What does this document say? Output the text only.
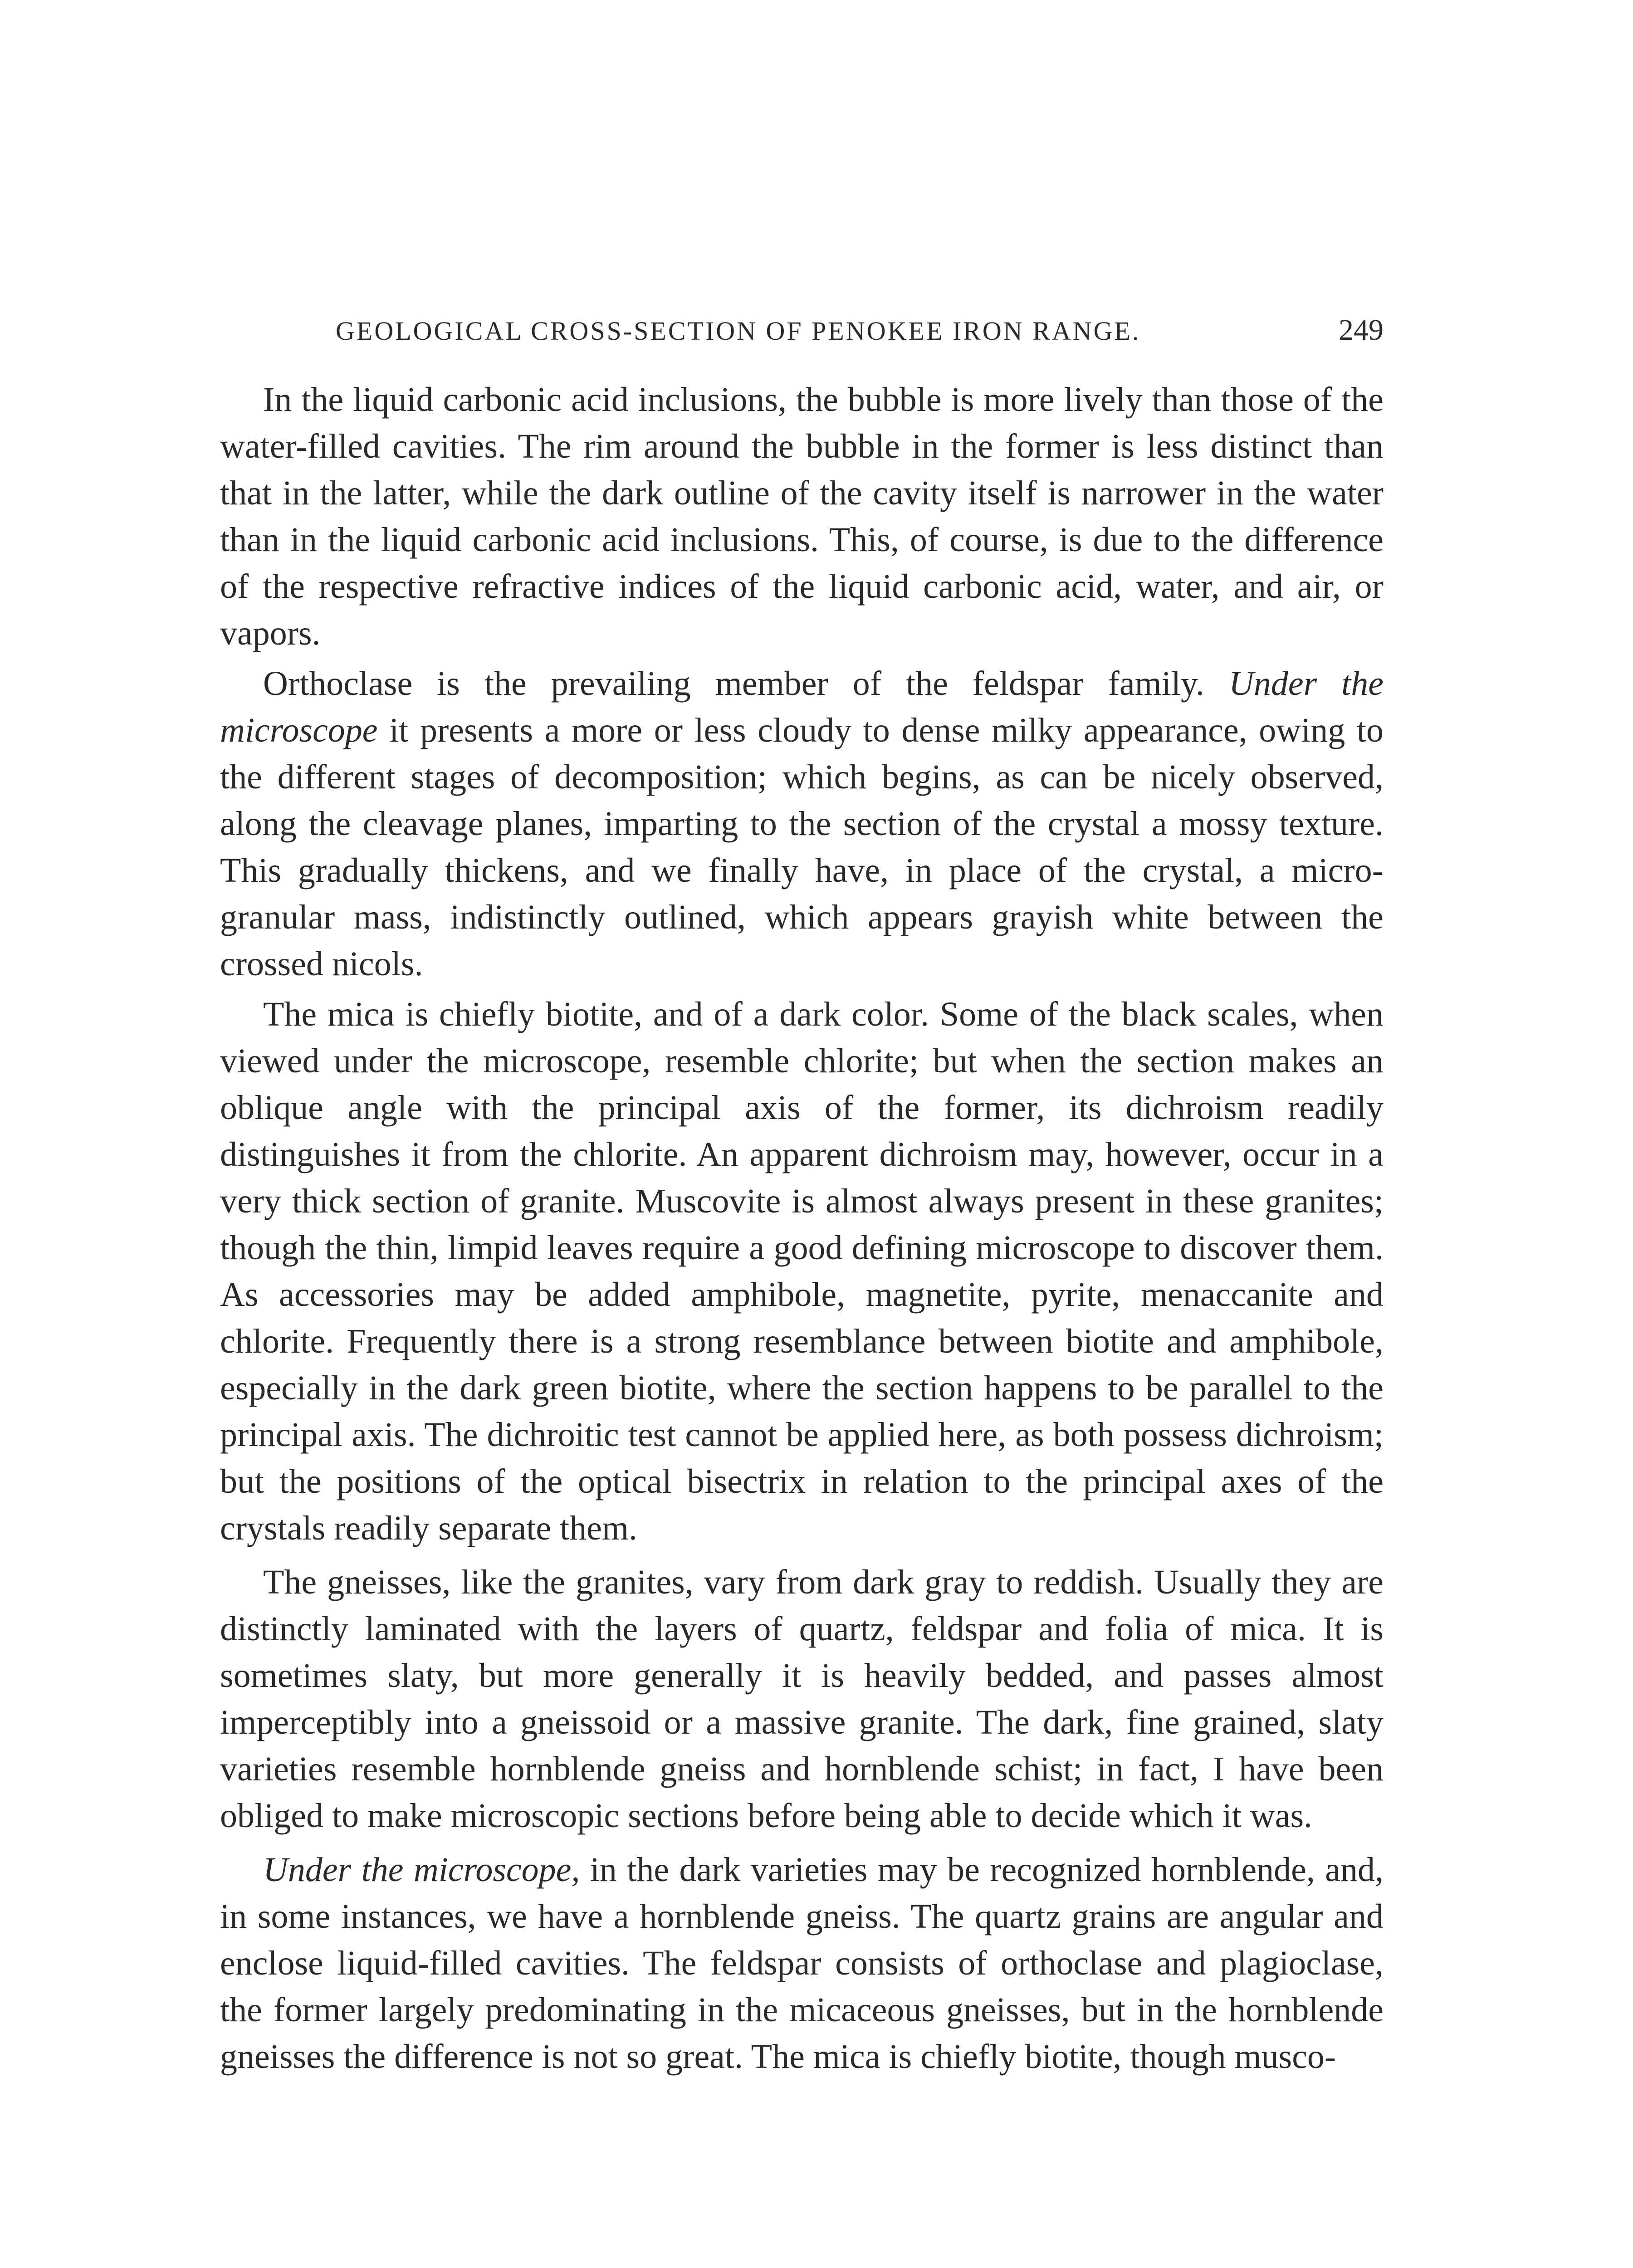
GEOLOGICAL CROSS-SECTION OF PENOKEE IRON RANGE.	249

In the liquid carbonic acid inclusions, the bubble is more lively than those of the water-filled cavities. The rim around the bubble in the former is less distinct than that in the latter, while the dark outline of the cavity itself is narrower in the water than in the liquid carbonic acid inclusions. This, of course, is due to the difference of the respective refractive indices of the liquid carbonic acid, water, and air, or vapors.

Orthoclase is the prevailing member of the feldspar family. Under the microscope it presents a more or less cloudy to dense milky appearance, owing to the different stages of decomposition; which begins, as can be nicely observed, along the cleavage planes, imparting to the section of the crystal a mossy texture. This gradually thickens, and we finally have, in place of the crystal, a micro-granular mass, indistinctly outlined, which appears grayish white between the crossed nicols.

The mica is chiefly biotite, and of a dark color. Some of the black scales, when viewed under the microscope, resemble chlorite; but when the section makes an oblique angle with the principal axis of the former, its dichroism readily distinguishes it from the chlorite. An apparent dichroism may, however, occur in a very thick section of granite. Muscovite is almost always present in these granites; though the thin, limpid leaves require a good defining microscope to discover them. As accessories may be added amphibole, magnetite, pyrite, menaccanite and chlorite. Frequently there is a strong resemblance between biotite and amphibole, especially in the dark green biotite, where the section happens to be parallel to the principal axis. The dichroitic test cannot be applied here, as both possess dichroism; but the positions of the optical bisectrix in relation to the principal axes of the crystals readily separate them.

The gneisses, like the granites, vary from dark gray to reddish. Usually they are distinctly laminated with the layers of quartz, feldspar and folia of mica. It is sometimes slaty, but more generally it is heavily bedded, and passes almost imperceptibly into a gneissoid or a massive granite. The dark, fine grained, slaty varieties resemble hornblende gneiss and hornblende schist; in fact, I have been obliged to make microscopic sections before being able to decide which it was.

Under the microscope, in the dark varieties may be recognized hornblende, and, in some instances, we have a hornblende gneiss. The quartz grains are angular and enclose liquid-filled cavities. The feldspar consists of orthoclase and plagioclase, the former largely predominating in the micaceous gneisses, but in the hornblende gneisses the difference is not so great. The mica is chiefly biotite, though musco-
